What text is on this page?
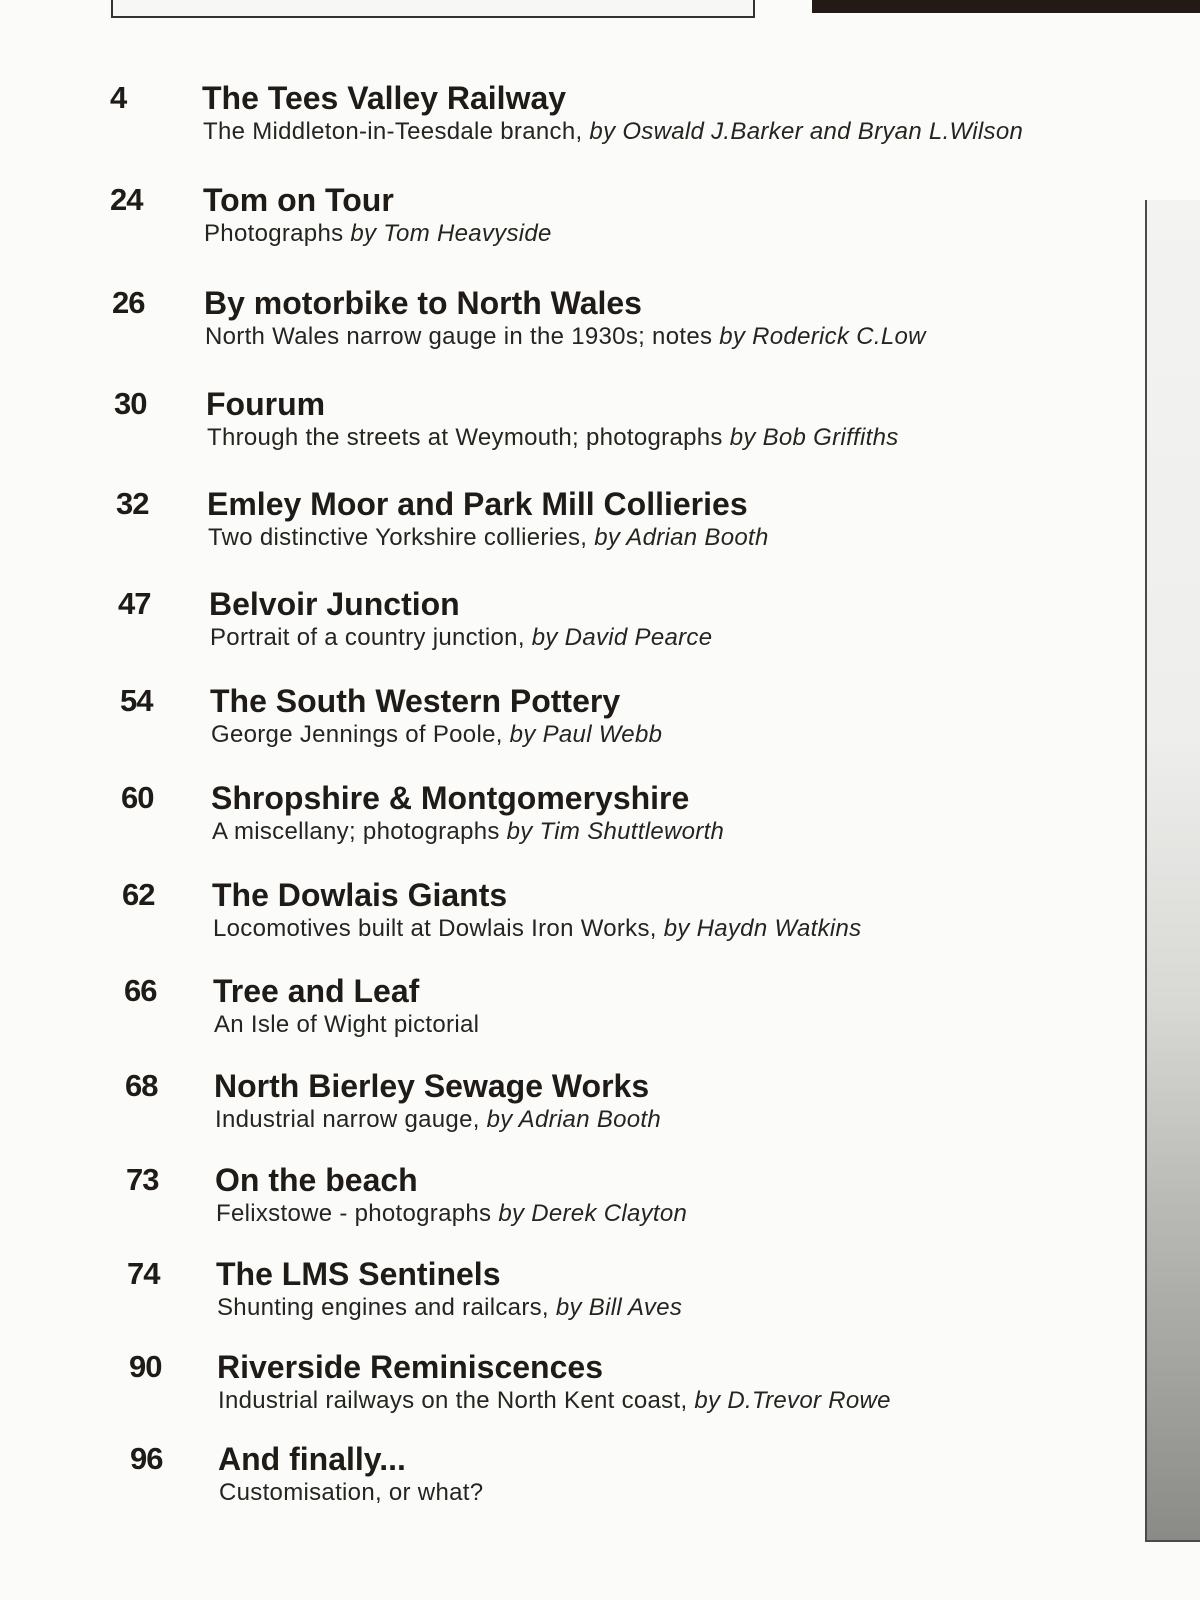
4 The Tees Valley Railway
The Middleton-in-Teesdale branch, by Oswald J.Barker and Bryan L.Wilson
24 Tom on Tour
Photographs by Tom Heavyside
26 By motorbike to North Wales
North Wales narrow gauge in the 1930s; notes by Roderick C.Low
30 Fourum
Through the streets at Weymouth; photographs by Bob Griffiths
32 Emley Moor and Park Mill Collieries
Two distinctive Yorkshire collieries, by Adrian Booth
47 Belvoir Junction
Portrait of a country junction, by David Pearce
54 The South Western Pottery
George Jennings of Poole, by Paul Webb
60 Shropshire & Montgomeryshire
A miscellany; photographs by Tim Shuttleworth
62 The Dowlais Giants
Locomotives built at Dowlais Iron Works, by Haydn Watkins
66 Tree and Leaf
An Isle of Wight pictorial
68 North Bierley Sewage Works
Industrial narrow gauge, by Adrian Booth
73 On the beach
Felixstowe - photographs by Derek Clayton
74 The LMS Sentinels
Shunting engines and railcars, by Bill Aves
90 Riverside Reminiscences
Industrial railways on the North Kent coast, by D.Trevor Rowe
96 And finally...
Customisation, or what?
